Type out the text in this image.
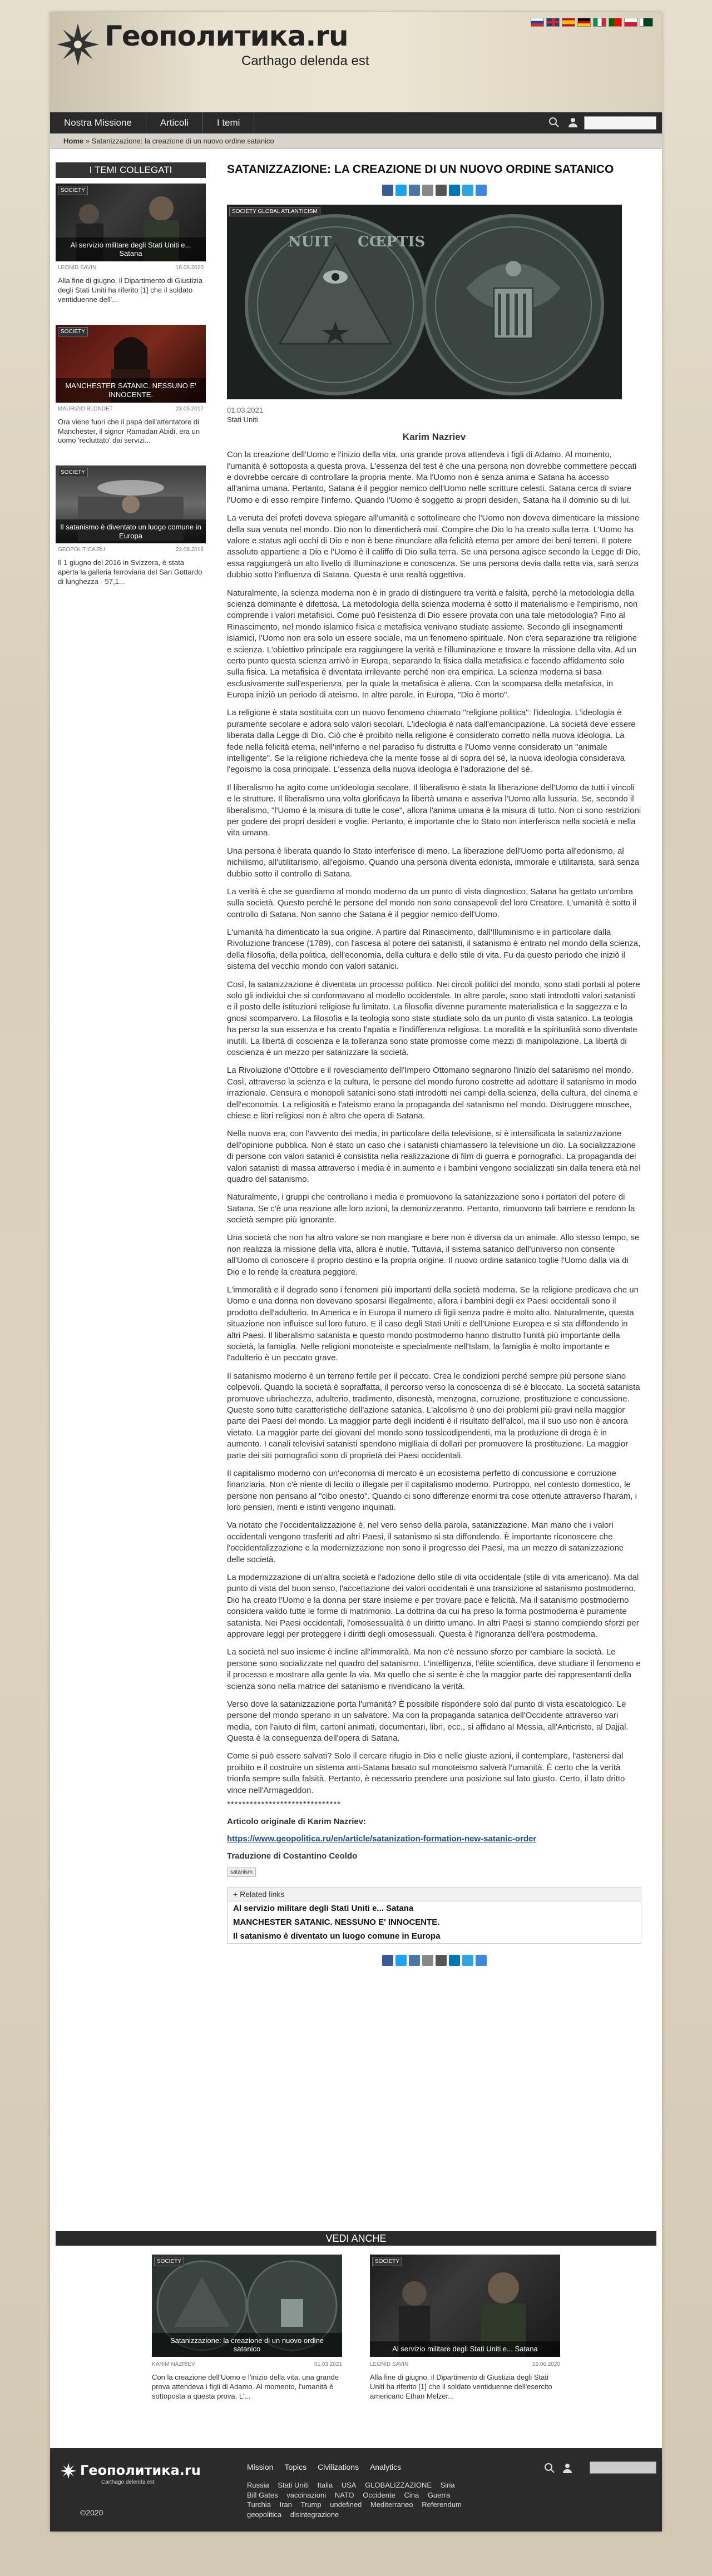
Геополитика.ru
Carthago delenda est
Nostra Missione	Articoli	I temi
Home » Satanizzazione: la creazione di un nuovo ordine satanico
I TEMI COLLEGATI
SOCIETY
Al servizio militare degli Stati Uniti e... Satana
LEONID SAVIN	16.06.2020
Alla fine di giugno, il Dipartimento di Giustizia degli Stati Uniti ha riferito [1] che il soldato ventiduenne dell'...
SOCIETY
MANCHESTER SATANIC. NESSUNO E' INNOCENTE.
MAURIZIO BLONDET	23.05.2017
Ora viene fuori che il papà dell'attentatore di Manchester, il signor Ramadan Abidi, era un uomo 'recluttato' dai servizi...
SOCIETY
Il satanismo è diventato un luogo comune in Europa
GEOPOLITICA.RU	22.08.2016
Il 1 giugno del 2016 in Svizzera, è stata aperta la galleria ferroviaria del San Gottardo di lunghezza - 57,1...
SATANIZZAZIONE: LA CREAZIONE DI UN NUOVO ORDINE SATANICO
NUIT CŒPTIS
SOCIETY GLOBAL ATLANTICISM
01.03.2021
Stati Uniti
Karim Nazriev

Con la creazione dell'Uomo e l'inizio della vita, una grande prova attendeva i figli di Adamo. Al momento, l'umanità è sottoposta a questa prova. L'essenza del test è che una persona non dovrebbe commettere peccati e dovrebbe cercare di controllare la propria mente. Ma l'Uomo non è senza anima e Satana ha accesso all'anima umana. Pertanto, Satana è il peggior nemico dell'Uomo nelle scritture celesti. Satana cerca di sviare l'Uomo e di esso rempire l'inferno. Quando l'Uomo è soggetto ai propri desideri, Satana ha il dominio su di lui.

La venuta dei profeti doveva spiegare all'umanità e sottolineare che l'Uomo non doveva dimenticare la missione della sua venuta nel mondo. Dio non lo dimenticherà mai. Compire che Dio lo ha creato sulla terra. L'Uomo ha valore e status agli occhi di Dio e non è bene rinunciare alla felicità eterna per amore dei beni terreni. Il potere assoluto appartiene a Dio e l'Uomo è il califfo di Dio sulla terra. Se una persona agisce secondo la Legge di Dio, essa raggiungerà un alto livello di illuminazione e conoscenza. Se una persona devia dalla retta via, sarà senza dubbio sotto l'influenza di Satana. Questa è una realtà oggettiva.

Naturalmente, la scienza moderna non è in grado di distinguere tra verità e falsità, perché la metodologia della scienza dominante è difettosa. La metodologia della scienza moderna è sotto il materialismo e l'empirismo, non comprende i valori metafisici. Come può l'esistenza di Dio essere provata con una tale metodologia? Fino al Rinascimento, nel mondo islamico fisica e metafisica venivano studiate assieme. Secondo gli insegnamenti islamici, l'Uomo non era solo un essere sociale, ma un fenomeno spirituale. Non c'era separazione tra religione e scienza. L'obiettivo principale era raggiungere la verità e l'illuminazione e trovare la missione della vita. Ad un certo punto questa scienza arrivò in Europa, separando la fisica dalla metafisica e facendo affidamento solo sulla fisica. La metafisica è diventata irrilevante perché non era empirica. La scienza moderna si basa esclusivamente sull'esperienza, per la quale la metafisica è aliena. Con la scomparsa della metafisica, in Europa iniziò un periodo di ateismo. In altre parole, in Europa, "Dio è morto".

La religione è stata sostituita con un nuovo fenomeno chiamato "religione politica": l'ideologia. L'ideologia è puramente secolare e adora solo valori secolari. L'ideologia è nata dall'emancipazione. La società deve essere liberata dalla Legge di Dio. Ciò che è proibito nella religione è considerato corretto nella nuova ideologia. La fede nella felicità eterna, nell'inferno e nel paradiso fu distrutta e l'Uomo venne considerato un "animale intelligente". Se la religione richiedeva che la mente fosse al di sopra del sé, la nuova ideologia considerava l'egoismo la cosa principale. L'essenza della nuova ideologia è l'adorazione del sé.

Il liberalismo ha agito come un'ideologia secolare. Il liberalismo è stata la liberazione dell'Uomo da tutti i vincoli e le strutture. Il liberalismo una volta glorificava la libertà umana e asseriva l'Uomo alla lussuria. Se, secondo il liberalismo, "l'Uomo è la misura di tutte le cose", allora l'anima umana è la misura di tutto. Non ci sono restrizioni per godere dei propri desideri e voglie. Pertanto, è importante che lo Stato non interferisca nella società e nella vita umana.

Una persona è liberata quando lo Stato interferisce di meno. La liberazione dell'Uomo porta all'edonismo, al nichilismo, all'utilitarismo, all'egoismo. Quando una persona diventa edonista, immorale e utilitarista, sarà senza dubbio sotto il controllo di Satana.

La verità è che se guardiamo al mondo moderno da un punto di vista diagnostico, Satana ha gettato un'ombra sulla società. Questo perché le persone del mondo non sono consapevoli del loro Creatore. L'umanità è sotto il controllo di Satana. Non sanno che Satana è il peggior nemico dell'Uomo.

L'umanità ha dimenticato la sua origine. A partire dal Rinascimento, dall'Illuminismo e in particolare dalla Rivoluzione francese (1789), con l'ascesa al potere dei satanisti, il satanismo è entrato nel mondo della scienza, della filosofia, della politica, dell'economia, della cultura e dello stile di vita. Fu da questo periodo che iniziò il sistema del vecchio mondo con valori satanici.

Così, la satanizzazione è diventata un processo politico. Nei circoli politici del mondo, sono stati portati al potere solo gli individui che si conformavano al modello occidentale. In altre parole, sono stati introdotti valori satanisti e il posto delle istituzioni religiose fu limitato. La filosofia divenne puramente materialistica e la saggezza e la gnosi scomparvero. La filosofia e la teologia sono state studiate solo da un punto di vista satanico. La teologia ha perso la sua essenza e ha creato l'apatia e l'indifferenza religiosa. La moralità e la spiritualità sono diventate inutili. La libertà di coscienza e la tolleranza sono state promosse come mezzi di manipolazione. La libertà di coscienza è un mezzo per satanizzare la società.

La Rivoluzione d'Ottobre e il rovesciamento dell'Impero Ottomano segnarono l'inizio del satanismo nel mondo. Così, attraverso la scienza e la cultura, le persone del mondo furono costrette ad adottare il satanismo in modo irrazionale. Censura e monopoli satanici sono stati introdotti nei campi della scienza, della cultura, del cinema e dell'economia. La religiosità e l'ateismo erano la propaganda del satanismo nel mondo. Distruggere moschee, chiese e libri religiosi non è altro che opera di Satana.

Nella nuova era, con l'avvento dei media, in particolare della televisione, si è intensificata la satanizzazione dell'opinione pubblica. Non è stato un caso che i satanisti chiamassero la televisione un dio. La socializzazione di persone con valori satanici è consistita nella realizzazione di film di guerra e pornografici. La propaganda dei valori satanisti di massa attraverso i media è in aumento e i bambini vengono socializzati sin dalla tenera età nel quadro del satanismo.

Naturalmente, i gruppi che controllano i media e promuovono la satanizzazione sono i portatori del potere di Satana. Se c'è una reazione alle loro azioni, la demonizzeranno. Pertanto, rimuovono tali barriere e rendono la società sempre più ignorante.

Una società che non ha altro valore se non mangiare e bere non è diversa da un animale. Allo stesso tempo, se non realizza la missione della vita, allora è inutile. Tuttavia, il sistema satanico dell'universo non consente all'Uomo di conoscere il proprio destino e la propria origine. Il nuovo ordine satanico toglie l'Uomo dalla via di Dio e lo rende la creatura peggiore.

L'immoralità e il degrado sono i fenomeni più importanti della società moderna. Se la religione predicava che un Uomo e una donna non dovevano sposarsi illegalmente, allora i bambini degli ex Paesi occidentali sono il prodotto dell'adulterio. In America e in Europa il numero di figli senza padre è molto alto. Naturalmente, questa situazione non influisce sul loro futuro. E il caso degli Stati Uniti e dell'Unione Europea e si sta diffondendo in altri Paesi. Il liberalismo satanista e questo mondo postmoderno hanno distrutto l'unità più importante della società, la famiglia. Nelle religioni monoteiste e specialmente nell'Islam, la famiglia è molto importante e l'adulterio è un peccato grave.

Il satanismo moderno è un terreno fertile per il peccato. Crea le condizioni perché sempre più persone siano colpevoli. Quando la società è sopraffatta, il percorso verso la conoscenza di sé è bloccato. La società satanista promuove ubriachezza, adulterio, tradimento, disonestà, menzogna, corruzione, prostituzione e concussione. Queste sono tutte caratteristiche dell'azione satanica. L'alcolismo è uno dei problemi più gravi nella maggior parte dei Paesi del mondo. La maggior parte degli incidenti è il risultato dell'alcol, ma il suo uso non è ancora vietato. La maggior parte dei giovani del mondo sono tossicodipendenti, ma la produzione di droga è in aumento. I canali televisivi satanisti spendono miglliaia di dollari per promuovere la prostituzione. La maggior parte dei siti pornografici sono di proprietà dei Paesi occidentali.

Il capitalismo moderno con un'economia di mercato è un ecosistema perfetto di concussione e corruzione finanziaria. Non c'è niente di lecito o illegale per il capitalismo moderno. Purtroppo, nel contesto domestico, le persone non pensano al "cibo onesto". Quando ci sono differenze enormi tra cose ottenute attraverso l'haram, i loro pensieri, menti e istinti vengono inquinati.

Va notato che l'occidentalizzazione è, nel vero senso della parola, satanizzazione. Man mano che i valori occidentali vengono trasferiti ad altri Paesi, il satanismo si sta diffondendo. È importante riconoscere che l'occidentalizzazione e la modernizzazione non sono il progresso dei Paesi, ma un mezzo di satanizzazione delle società.

La modernizzazione di un'altra società e l'adozione dello stile di vita occidentale (stile di vita americano). Ma dal punto di vista del buon senso, l'accettazione dei valori occidentali è una transizione al satanismo postmoderno. Dio ha creato l'Uomo e la donna per stare insieme e per trovare pace e felicità. Ma il satanismo postmoderno considera valido tutte le forme di matrimonio. La dottrina da cui ha preso la forma postmoderna è puramente satanista. Nei Paesi occidentali, l'omosessualità è un diritto umano. In altri Paesi si stanno compiendo sforzi per approvare leggi per proteggere i diritti degli omosessuali. Questa è l'ignoranza dell'era postmoderna.

La società nel suo insieme è incline all'immoralità. Ma non c'è nessuno sforzo per cambiare la società. Le persone sono socializzate nel quadro del satanismo. L'intelligenza, l'élite scientifica, deve studiare il fenomeno e il processo e mostrare alla gente la via. Ma quello che si sente è che la maggior parte dei rappresentanti della scienza sono nella matrice del satanismo e rivendicano la verità.

Verso dove la satanizzazione porta l'umanità? È possibile rispondere solo dal punto di vista escatologico. Le persone del mondo sperano in un salvatore. Ma con la propaganda satanica dell'Occidente attraverso vari media, con l'aiuto di film, cartoni animati, documentari, libri, ecc., si affidano al Messia, all'Anticristo, al Dajjal. Questa è la conseguenza dell'opera di Satana.

Come si può essere salvati? Solo il cercare rifugio in Dio e nelle giuste azioni, il contemplare, l'astenersi dal proibito e il costruire un sistema anti-Satana basato sul monoteismo salverà l'umanità. È certo che la verità trionfa sempre sulla falsità. Pertanto, è necessario prendere una posizione sul lato giusto. Certo, il lato dritto vince nell'Armageddon.

******************************
Articolo originale di Karim Nazriev:
https://www.geopolitica.ru/en/article/satanization-formation-new-satanic-order
Traduzione di Costantino Ceoldo
satanism
+ Related links
Al servizio militare degli Stati Uniti e... Satana
MANCHESTER SATANIC. NESSUNO E' INNOCENTE.
Il satanismo è diventato un luogo comune in Europa
VEDI ANCHE
SOCIETY
Satanizzazione: la creazione di un nuovo ordine satanico
KARIM NAZRIEV	01.03.2021
Con la creazione dell'Uomo e l'inizio della vita, una grande prova attendeva i figli di Adamo. Al momento, l'umanità è sottoposta a questa prova. L'...
SOCIETY
Al servizio militare degli Stati Uniti e... Satana
LEONID SAVIN	16.06.2020
Alla fine di giugno, il Dipartimento di Giustizia degli Stati Uniti ha riferito [1] che il soldato ventiduenne dell'esercito americano Ethan Melzer...
Геополитика.ru
Carthago delenda est
©2020
Mission Topics Civilizations Analytics
Russia Stati Uniti Italia USA GLOBALIZZAZIONE Siria Bill Gates vaccinazioni NATO Occidente Cina Guerra Turchia Iran Trump undefined Mediterraneo Referendum geopolitica disintegrazione
